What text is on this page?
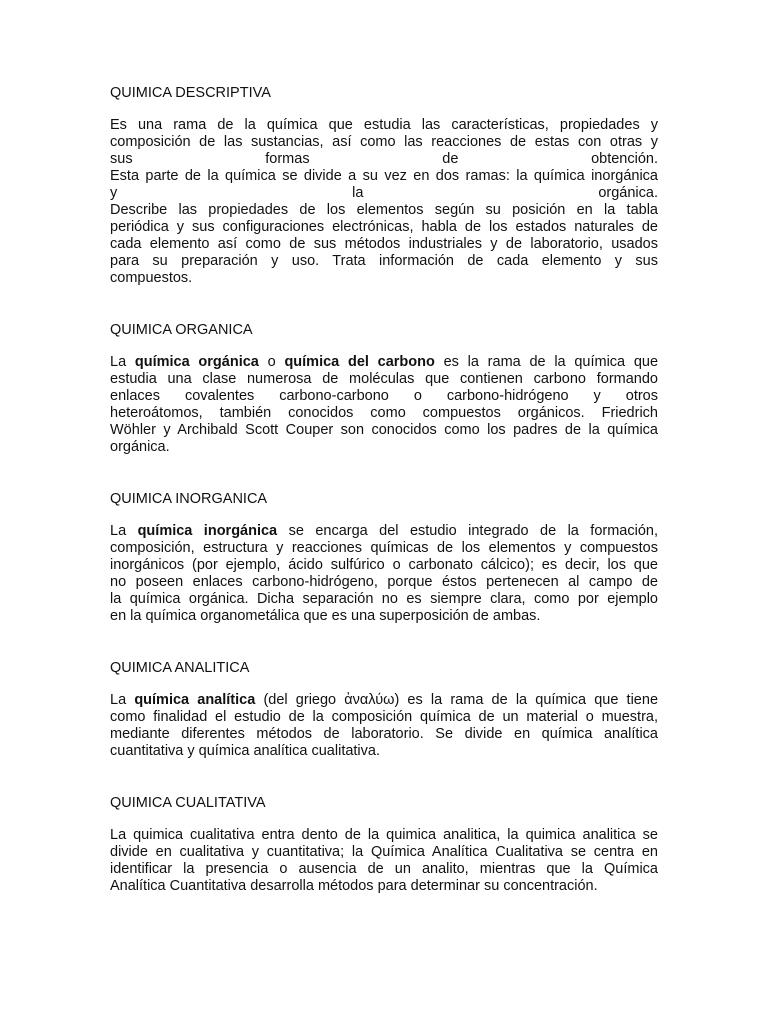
QUIMICA DESCRIPTIVA
Es una rama de la química que estudia las características, propiedades y
composición de las sustancias, así como las reacciones de estas con otras y
sus formas de obtención.
Esta parte de la química se divide a su vez en dos ramas: la química inorgánica
y la orgánica.
Describe las propiedades de los elementos según su posición en la tabla
periódica y sus configuraciones electrónicas, habla de los estados naturales de
cada elemento así como de sus métodos industriales y de laboratorio, usados
para su preparación y uso. Trata información de cada elemento y sus
compuestos.
QUIMICA ORGANICA
La química orgánica o química del carbono es la rama de la química que
estudia una clase numerosa de moléculas que contienen carbono formando
enlaces covalentes carbono-carbono o carbono-hidrógeno y otros
heteroátomos, también conocidos como compuestos orgánicos. Friedrich
Wöhler y Archibald Scott Couper son conocidos como los padres de la química
orgánica.
QUIMICA INORGANICA
La química inorgánica se encarga del estudio integrado de la formación,
composición, estructura y reacciones químicas de los elementos y compuestos
inorgánicos (por ejemplo, ácido sulfúrico o carbonato cálcico); es decir, los que
no poseen enlaces carbono-hidrógeno, porque éstos pertenecen al campo de
la química orgánica. Dicha separación no es siempre clara, como por ejemplo
en la química organometálica que es una superposición de ambas.
QUIMICA ANALITICA
La química analítica (del griego ἀναλύω) es la rama de la química que tiene
como finalidad el estudio de la composición química de un material o muestra,
mediante diferentes métodos de laboratorio. Se divide en química analítica
cuantitativa y química analítica cualitativa.
QUIMICA CUALITATIVA
La quimica cualitativa entra dento de la quimica analitica, la quimica analitica se
divide en cualitativa y cuantitativa; la Química Analítica Cualitativa se centra en
identificar la presencia o ausencia de un analito, mientras que la Química
Analítica Cuantitativa desarrolla métodos para determinar su concentración.
